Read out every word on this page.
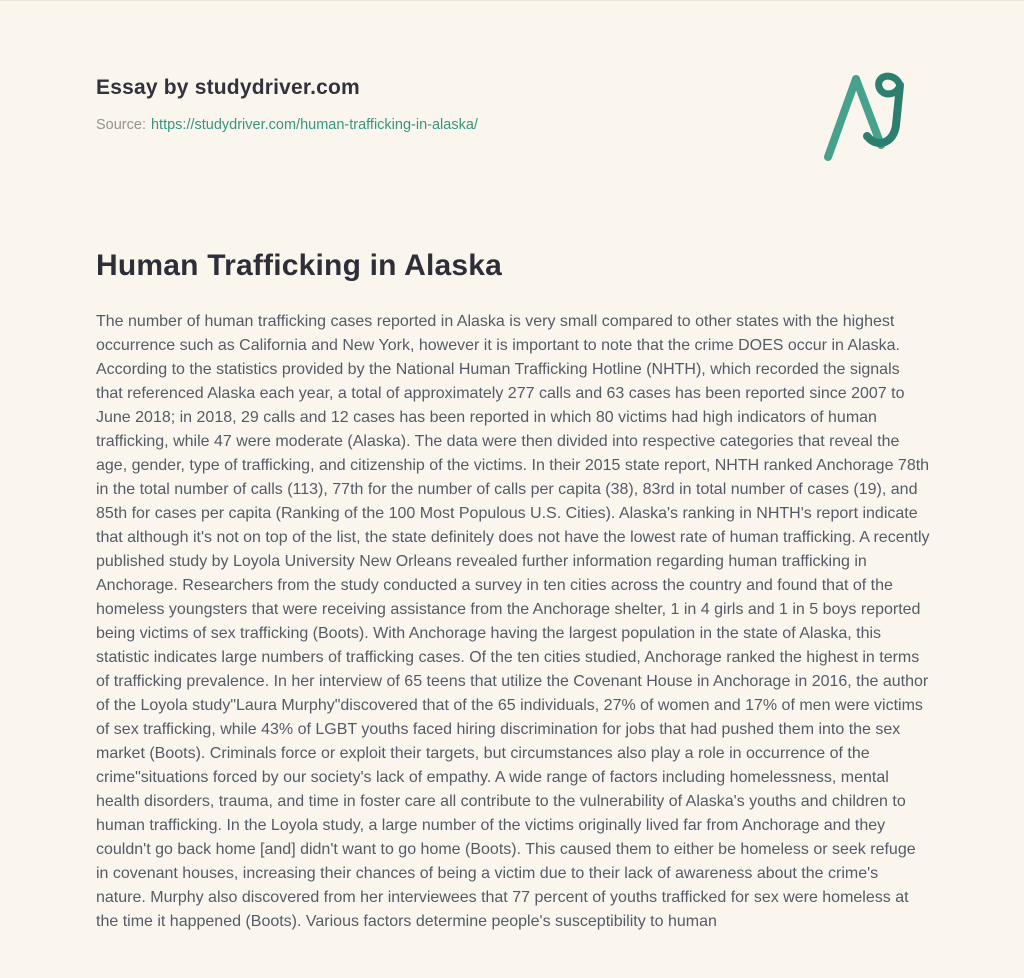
Essay by studydriver.com
Source: https://studydriver.com/human-trafficking-in-alaska/
Human Trafficking in Alaska

The number of human trafficking cases reported in Alaska is very small compared to other states with the highest occurrence such as California and New York, however it is important to note that the crime DOES occur in Alaska. According to the statistics provided by the National Human Trafficking Hotline (NHTH), which recorded the signals that referenced Alaska each year, a total of approximately 277 calls and 63 cases has been reported since 2007 to June 2018; in 2018, 29 calls and 12 cases has been reported in which 80 victims had high indicators of human trafficking, while 47 were moderate (Alaska). The data were then divided into respective categories that reveal the age, gender, type of trafficking, and citizenship of the victims. In their 2015 state report, NHTH ranked Anchorage 78th in the total number of calls (113), 77th for the number of calls per capita (38), 83rd in total number of cases (19), and 85th for cases per capita (Ranking of the 100 Most Populous U.S. Cities). Alaska's ranking in NHTH's report indicate that although it's not on top of the list, the state definitely does not have the lowest rate of human trafficking. A recently published study by Loyola University New Orleans revealed further information regarding human trafficking in Anchorage. Researchers from the study conducted a survey in ten cities across the country and found that of the homeless youngsters that were receiving assistance from the Anchorage shelter, 1 in 4 girls and 1 in 5 boys reported being victims of sex trafficking (Boots). With Anchorage having the largest population in the state of Alaska, this statistic indicates large numbers of trafficking cases. Of the ten cities studied, Anchorage ranked the highest in terms of trafficking prevalence. In her interview of 65 teens that utilize the Covenant House in Anchorage in 2016, the author of the Loyola study"Laura Murphy"discovered that of the 65 individuals, 27% of women and 17% of men were victims of sex trafficking, while 43% of LGBT youths faced hiring discrimination for jobs that had pushed them into the sex market (Boots). Criminals force or exploit their targets, but circumstances also play a role in occurrence of the crime"situations forced by our society's lack of empathy. A wide range of factors including homelessness, mental health disorders, trauma, and time in foster care all contribute to the vulnerability of Alaska's youths and children to human trafficking. In the Loyola study, a large number of the victims originally lived far from Anchorage and they couldn't go back home [and] didn't want to go home (Boots). This caused them to either be homeless or seek refuge in covenant houses, increasing their chances of being a victim due to their lack of awareness about the crime's nature. Murphy also discovered from her interviewees that 77 percent of youths trafficked for sex were homeless at the time it happened (Boots). Various factors determine people's susceptibility to human
